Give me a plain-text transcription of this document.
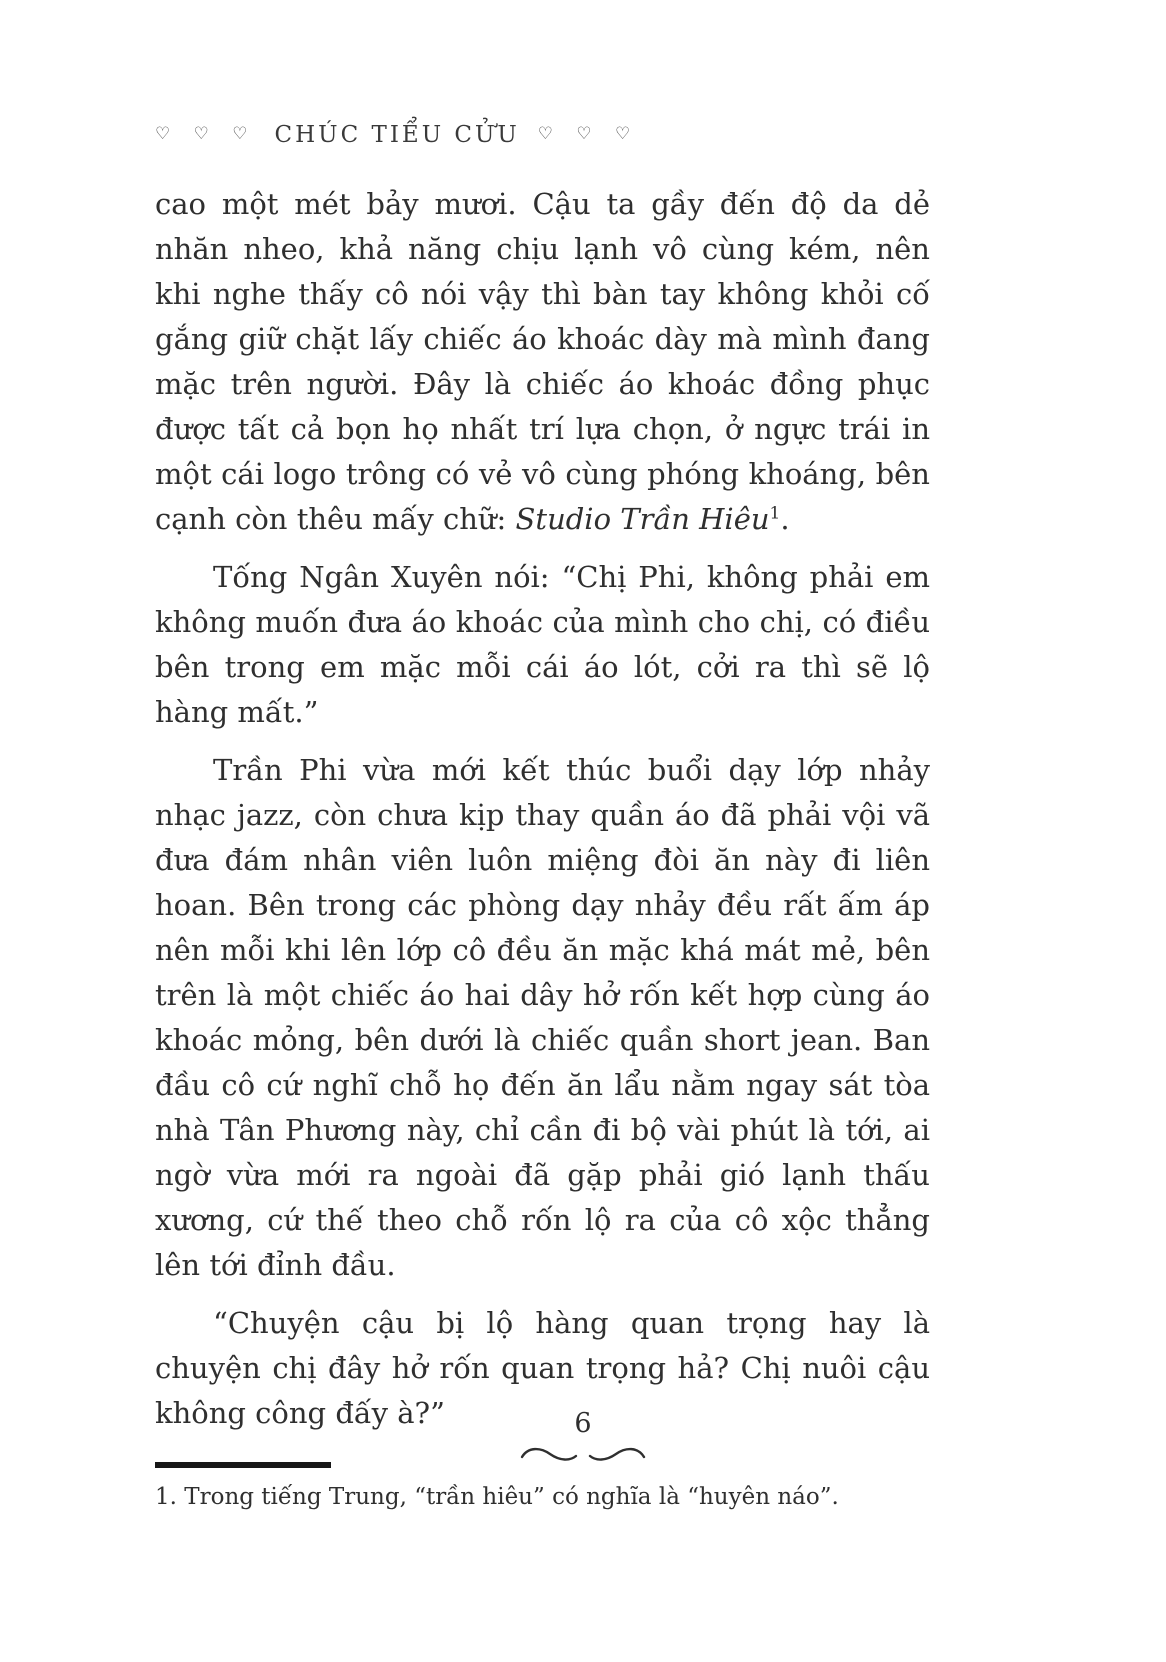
♡ ♡ ♡ CHÚC TIỂU CỬU ♡ ♡ ♡

cao một mét bảy mươi. Cậu ta gầy đến độ da dẻ nhăn nheo, khả năng chịu lạnh vô cùng kém, nên khi nghe thấy cô nói vậy thì bàn tay không khỏi cố gắng giữ chặt lấy chiếc áo khoác dày mà mình đang mặc trên người. Đây là chiếc áo khoác đồng phục được tất cả bọn họ nhất trí lựa chọn, ở ngực trái in một cái logo trông có vẻ vô cùng phóng khoáng, bên cạnh còn thêu mấy chữ: Studio Trần Hiêu$^1$.

Tống Ngân Xuyên nói: “Chị Phi, không phải em không muốn đưa áo khoác của mình cho chị, có điều bên trong em mặc mỗi cái áo lót, cởi ra thì sẽ lộ hàng mất.”

Trần Phi vừa mới kết thúc buổi dạy lớp nhảy nhạc jazz, còn chưa kịp thay quần áo đã phải vội vã đưa đám nhân viên luôn miệng đòi ăn này đi liên hoan. Bên trong các phòng dạy nhảy đều rất ấm áp nên mỗi khi lên lớp cô đều ăn mặc khá mát mẻ, bên trên là một chiếc áo hai dây hở rốn kết hợp cùng áo khoác mỏng, bên dưới là chiếc quần short jean. Ban đầu cô cứ nghĩ chỗ họ đến ăn lẩu nằm ngay sát tòa nhà Tân Phương này, chỉ cần đi bộ vài phút là tới, ai ngờ vừa mới ra ngoài đã gặp phải gió lạnh thấu xương, cứ thế theo chỗ rốn lộ ra của cô xộc thẳng lên tới đỉnh đầu.

“Chuyện cậu bị lộ hàng quan trọng hay là chuyện chị đây hở rốn quan trọng hả? Chị nuôi cậu không công đấy à?”

1. Trong tiếng Trung, “trần hiêu” có nghĩa là “huyên náo”.

6
